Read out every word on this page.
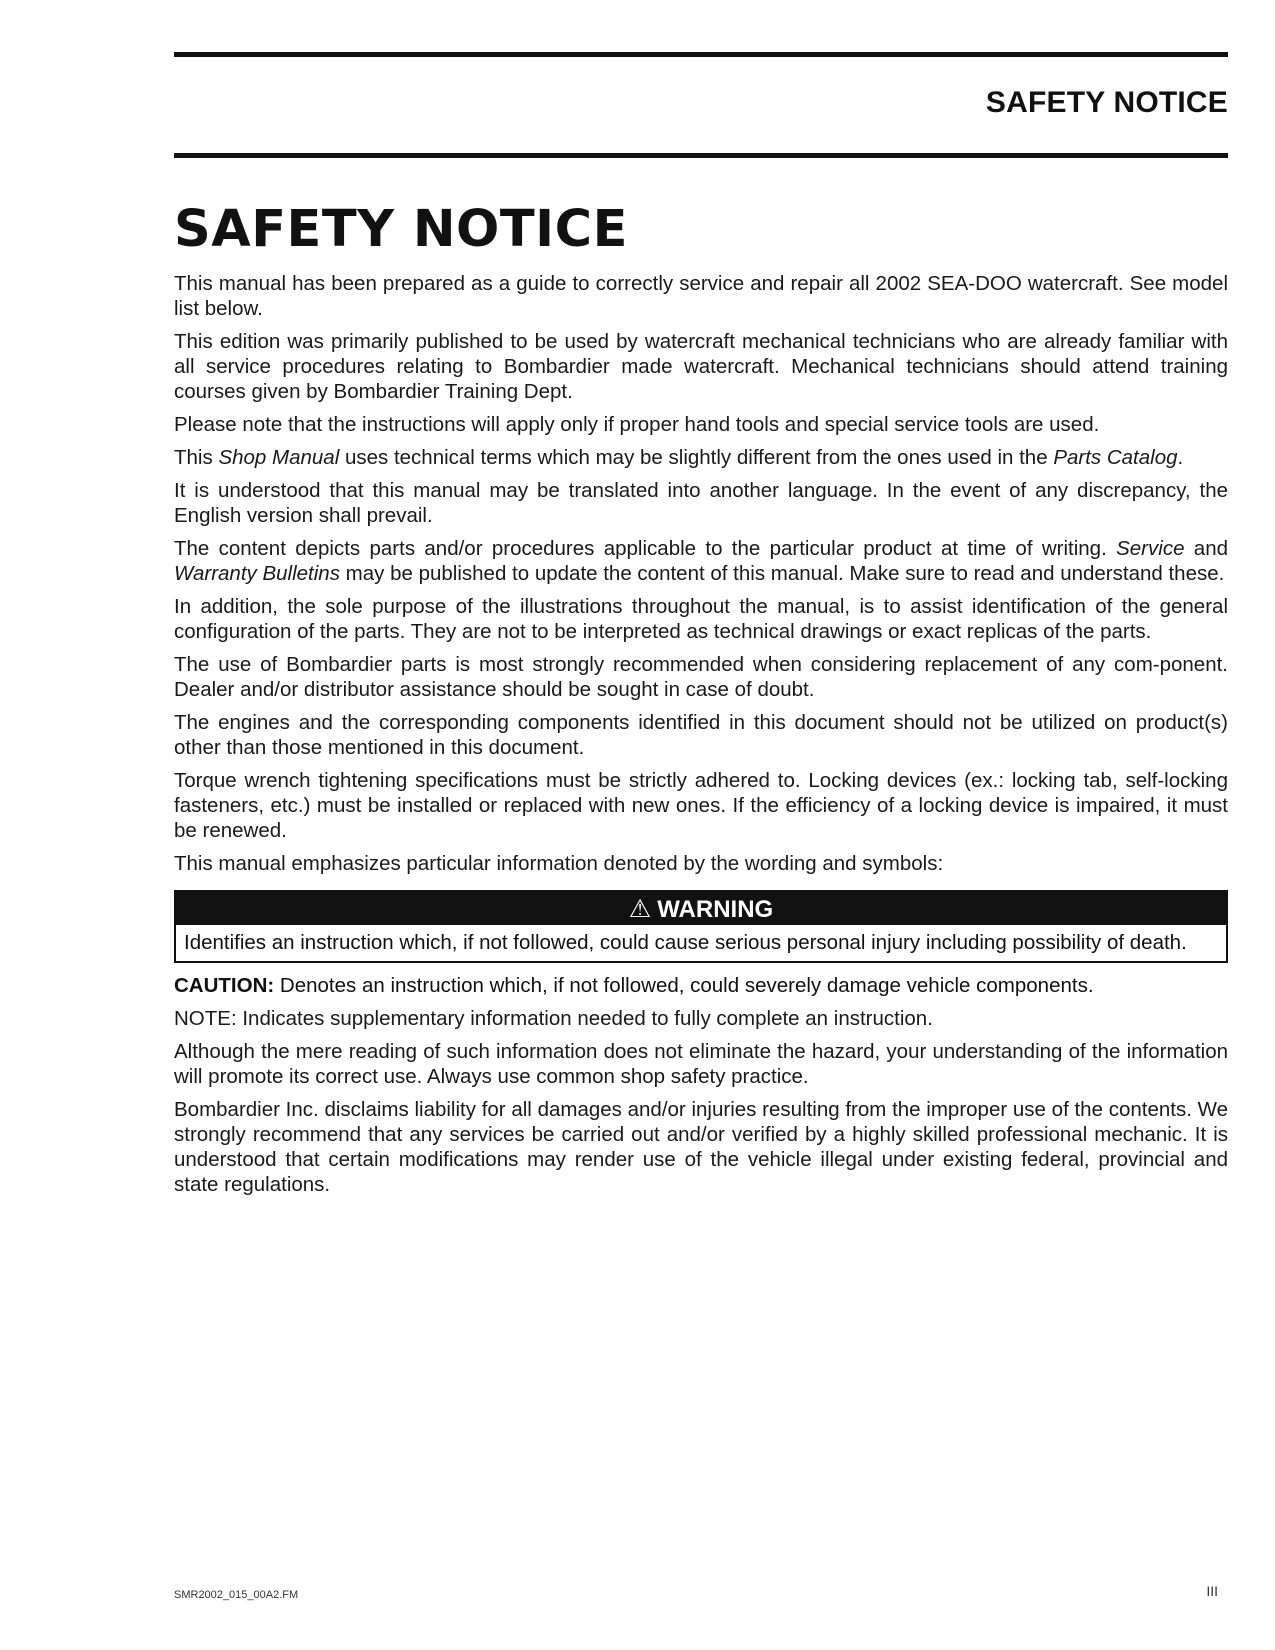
SAFETY NOTICE
SAFETY NOTICE

This manual has been prepared as a guide to correctly service and repair all 2002 SEA-DOO watercraft. See model list below.

This edition was primarily published to be used by watercraft mechanical technicians who are already familiar with all service procedures relating to Bombardier made watercraft. Mechanical technicians should attend training courses given by Bombardier Training Dept.

Please note that the instructions will apply only if proper hand tools and special service tools are used.

This Shop Manual uses technical terms which may be slightly different from the ones used in the Parts Catalog.

It is understood that this manual may be translated into another language. In the event of any discrepancy, the English version shall prevail.

The content depicts parts and/or procedures applicable to the particular product at time of writing. Service and Warranty Bulletins may be published to update the content of this manual. Make sure to read and understand these.

In addition, the sole purpose of the illustrations throughout the manual, is to assist identification of the general configuration of the parts. They are not to be interpreted as technical drawings or exact replicas of the parts.

The use of Bombardier parts is most strongly recommended when considering replacement of any com-ponent. Dealer and/or distributor assistance should be sought in case of doubt.

The engines and the corresponding components identified in this document should not be utilized on product(s) other than those mentioned in this document.

Torque wrench tightening specifications must be strictly adhered to. Locking devices (ex.: locking tab, self-locking fasteners, etc.) must be installed or replaced with new ones. If the efficiency of a locking device is impaired, it must be renewed.

This manual emphasizes particular information denoted by the wording and symbols:

⚠ WARNING
Identifies an instruction which, if not followed, could cause serious personal injury including possibility of death.

CAUTION: Denotes an instruction which, if not followed, could severely damage vehicle components.

NOTE: Indicates supplementary information needed to fully complete an instruction.

Although the mere reading of such information does not eliminate the hazard, your understanding of the information will promote its correct use. Always use common shop safety practice.

Bombardier Inc. disclaims liability for all damages and/or injuries resulting from the improper use of the contents. We strongly recommend that any services be carried out and/or verified by a highly skilled professional mechanic. It is understood that certain modifications may render use of the vehicle illegal under existing federal, provincial and state regulations.

SMR2002_015_00A2.FM	III
